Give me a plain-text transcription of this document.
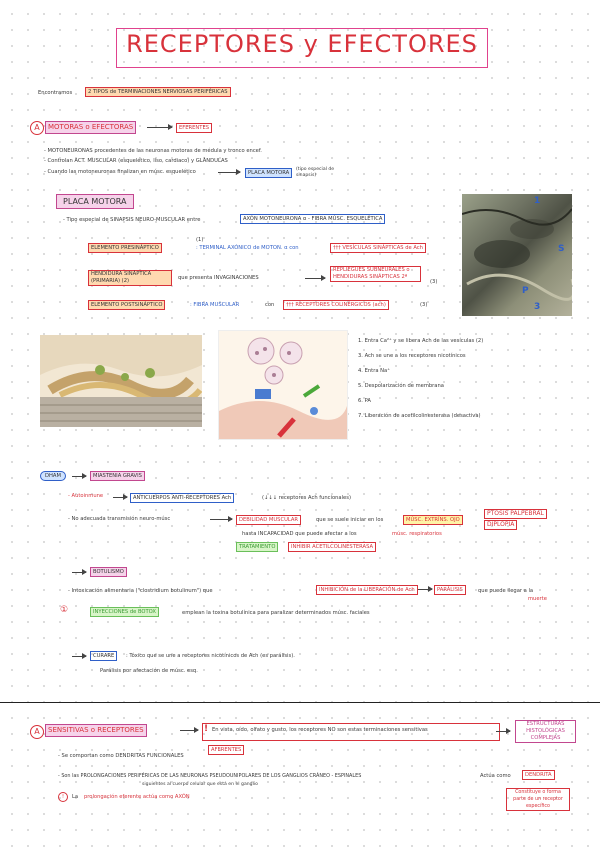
RECEPTORES y EFECTORES
Encontramos	2 TIPOS de TERMINACIONES NERVIOSAS PERIFÉRICAS
A	MOTORAS o EFECTORAS	EFERENTES
- MOTONEURONAS procedentes de las neuronas motoras de médula y tronco encef.
- Controlan ACT. MUSCULAR (esquelético, liso, cardiaco) y GLÁNDULAS
- Cuando las motoneuronas finalizan en músc. esquelético	PLACA MOTORA
(tipo especial de sinapsis)
PLACA MOTORA
- Tipo especial de SINAPSIS NEURO-MUSCULAR entre	AXÓN MOTONEURONA α - FIBRA MÚSC. ESQUELÉTICA
ELEMENTO PRESINÁPTICO
(1)
: TERMINAL AXÓNICO de MOTON. α con	††† VESÍCULAS SINÁPTICAS de Ach
HENDIDURA SINÁPTICA (PRIMARIA) (2)	que presenta INVAGINACIONES
REPLIEGUES SUBNEURALES o HENDIDURAS SINÁPTICAS 2ª
(3)
ELEMENTO POSTSINÁPTICO	: FIBRA MUSCULAR	con	††† RECEPTORES COLINÉRGICOS (ach)	(3)
1
S
P
3
1. Entra Ca²⁺ y se libera Ach de las vesículas (2)
3. Ach se une a los receptores nicotínicos
4. Entra Na⁺
5. Despolarización de membrana
6. PA
7. Liberación de acetilcolinesterasa (desactiva)
DHAM	MIASTENIA GRAVIS
- Autoinmune	ANTICUERPOS ANTI-RECEPTORES Ach	(↓↓↓ receptores Ach funcionales)
- No adecuada transmisión neuro-músc	DEBILIDAD MUSCULAR	que se suele iniciar en los	MÚSC. EXTRÍNS. OJO
PTOSIS PALPEBRAL
DIPLOPÍA
hasta INCAPACIDAD que puede afectar a los	músc. respiratorios
TRATAMIENTO	INHIBIR ACETILCOLINESTERASA
BOTULISMO
- Intoxicación alimentaria ("clostridium botulinum") que	INHIBICIÓN de la LIBERACIÓN de Ach	PARÁLISIS	que puede llegar a la
muerte
①	INYECCIONES de BOTOX	emplean la toxina botulínica para paralizar determinados músc. faciales
CURARE	: Tóxico que se une a receptores nicotínicos de Ach (es parálisis).
Parálisis por afectación de músc. esq.
A	SENSITIVAS o RECEPTORES	! En vista, oído, olfato y gusto, los receptores NO son estas terminaciones sensitivas
ESTRUCTURAS HISTOLÓGICAS COMPLEJAS
AFERENTES
- Se comportan como DENDRITAS FUNCIONALES
- Son las PROLONGACIONES PERIFÉRICAS DE LAS NEURONAS PSEUDOUNIPOLARES DE LOS GANGLIOS CRÁNEO - ESPINALES	Actúa como	DENDRITA
siguientes al cuerpo celular que está en el ganglio
!	La prolongación eferente actúa como AXÓN
Constituye o forma parte de un receptor específico
